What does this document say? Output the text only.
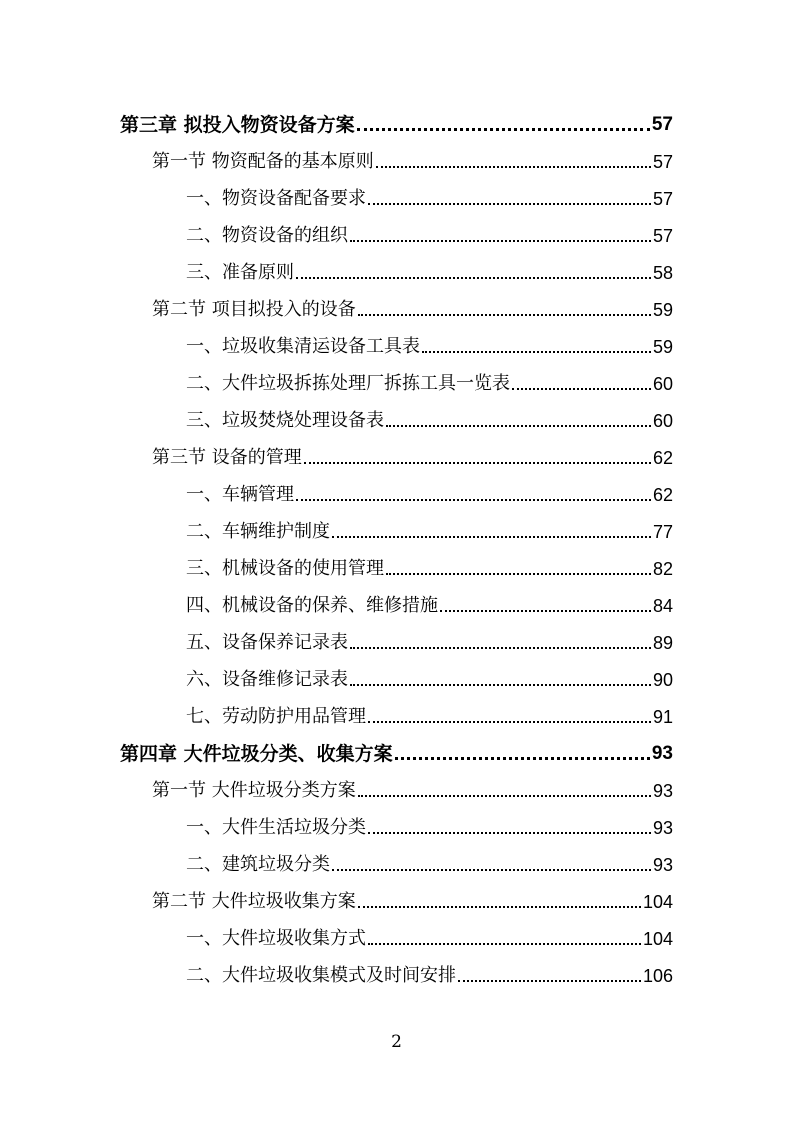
第三章 拟投入物资设备方案	57
第一节 物资配备的基本原则	57
一、物资设备配备要求	57
二、物资设备的组织	57
三、准备原则	58
第二节 项目拟投入的设备	59
一、垃圾收集清运设备工具表	59
二、大件垃圾拆拣处理厂拆拣工具一览表	60
三、垃圾焚烧处理设备表	60
第三节 设备的管理	62
一、车辆管理	62
二、车辆维护制度	77
三、机械设备的使用管理	82
四、机械设备的保养、维修措施	84
五、设备保养记录表	89
六、设备维修记录表	90
七、劳动防护用品管理	91
第四章 大件垃圾分类、收集方案	93
第一节 大件垃圾分类方案	93
一、大件生活垃圾分类	93
二、建筑垃圾分类	93
第二节 大件垃圾收集方案	104
一、大件垃圾收集方式	104
二、大件垃圾收集模式及时间安排	106
2
